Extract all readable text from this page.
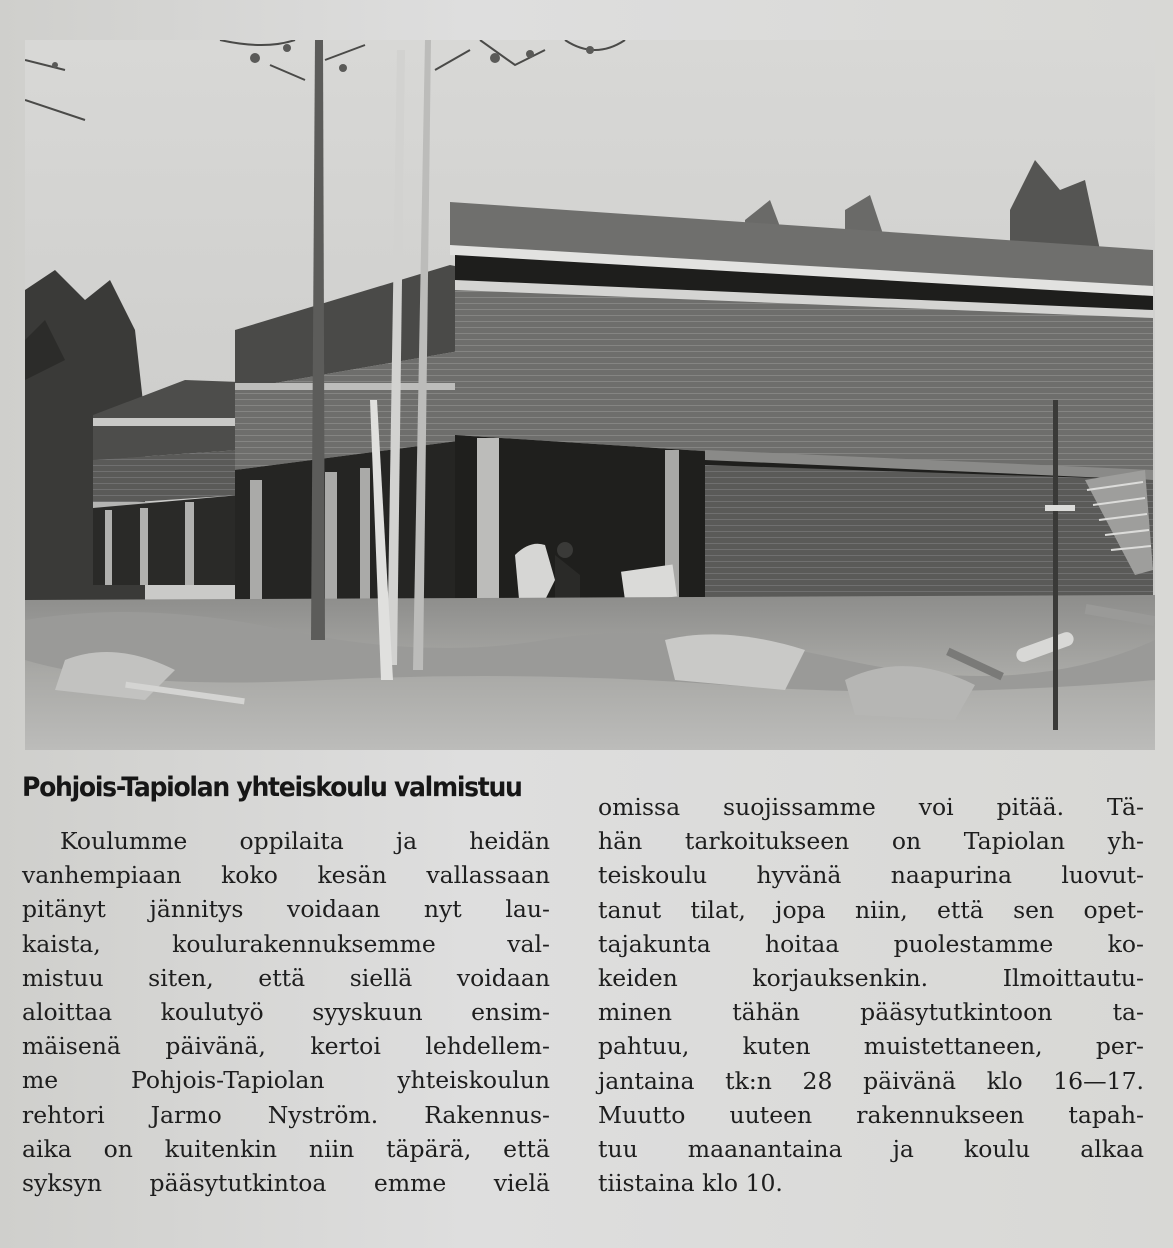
Pohjois-Tapiolan yhteiskoulu valmistuu
Koulumme oppilaita ja heidän
vanhempiaan koko kesän vallassaan
pitänyt jännitys voidaan nyt lau-
kaista, koulurakennuksemme val-
mistuu siten, että siellä voidaan
aloittaa koulutyö syyskuun ensim-
mäisenä päivänä, kertoi lehdellem-
me Pohjois-Tapiolan yhteiskoulun
rehtori Jarmo Nyström. Rakennus-
aika on kuitenkin niin täpärä, että
syksyn pääsytutkintoa emme vielä
omissa suojissamme voi pitää. Tä-
hän tarkoitukseen on Tapiolan yh-
teiskoulu hyvänä naapurina luovut-
tanut tilat, jopa niin, että sen opet-
tajakunta hoitaa puolestamme ko-
keiden korjauksenkin. Ilmoittautu-
minen tähän pääsytutkintoon ta-
pahtuu, kuten muistettaneen, per-
jantaina tk:n 28 päivänä klo 16—17.
Muutto uuteen rakennukseen tapah-
tuu maanantaina ja koulu alkaa
tiistaina klo 10.
